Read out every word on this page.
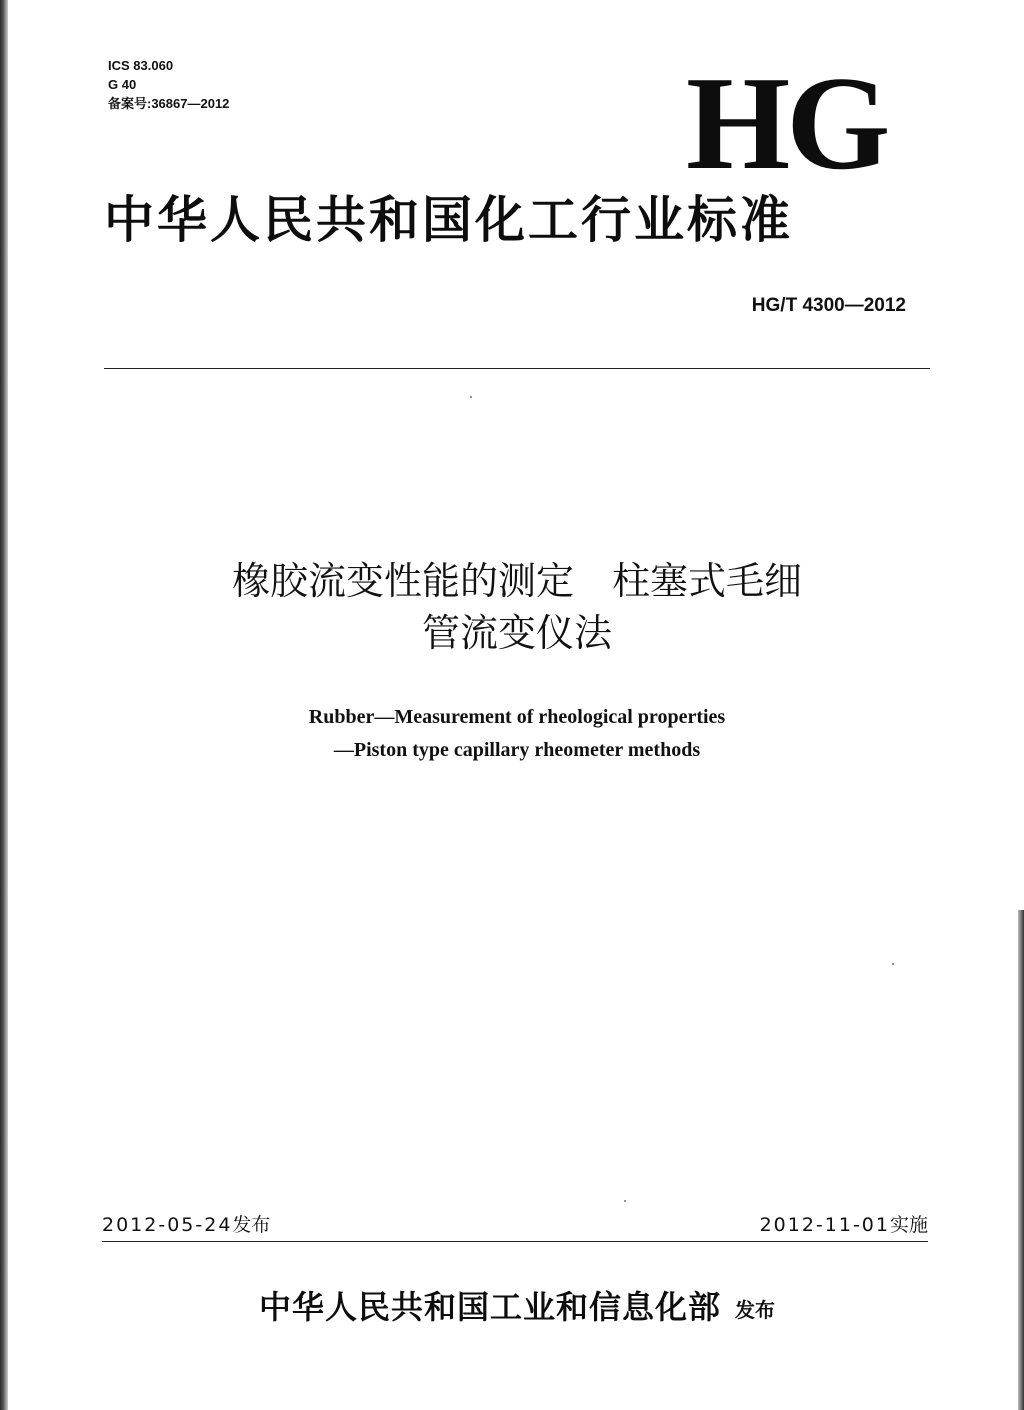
ICS 83.060
G 40
备案号:36867—2012	HG
中华人民共和国化工行业标准
HG/T 4300—2012
橡胶流变性能的测定　柱塞式毛细
管流变仪法
Rubber—Measurement of rheological properties
—Piston type capillary rheometer methods
2012-05-24发布	2012-11-01实施
中华人民共和国工业和信息化部 发布
